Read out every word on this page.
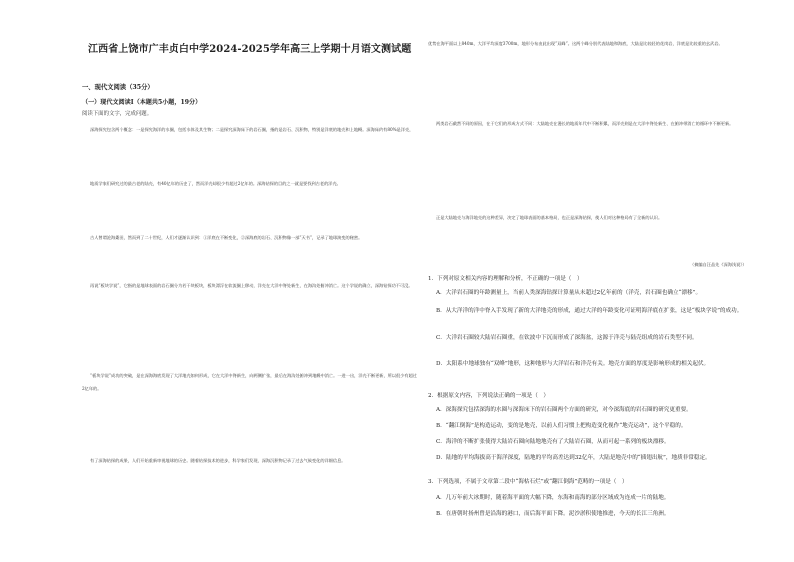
江西省上饶市广丰贞白中学2024-2025学年高三上学期十月语文测试题
一、现代文阅读（35分）
（一）现代文阅读Ⅰ（本题共5小题，19分）
阅读下面的文字，完成问题。
深海探究包含两个概念：一是探究海洋的水圈，包括水体及其生物；二是探究深海床下的岩石圈，指的是岩石、沉积物，特别是洋底的地壳和上地幔。深海床约有80%是洋壳，
地质学家们研究过的最古老的陆壳，有40亿年的历史了，然而洋壳却很少有超过2亿年的。深海钻探的目的之一就是要找到古老的洋壳。
古人曾谓沧海桑田，然而到了二十世纪，人们才逐渐认识到：①洋底在不断变化，②深海底的岩石、沉积物像一部“天书”，记录了地球演变的秘密。
再说“板块学说”，它指的是地球表面的岩石圈分为若干块板块，板块漂浮在软流圈上移动，洋壳在大洋中脊处新生，在海沟处俯冲消亡。这个学说的确立，深海钻探功不可没。
“板块学说”成功的突破，是在深海海底发现了大洋地壳如何形成，它在大洋中脊新生，向两侧扩张，最后在海沟处俯冲到地幔中消亡。一进一出，洋壳不断更新，所以很少有超过2亿年的。
有了深海钻探的成果，人们开始重新审视地球的历史。随着钻探技术的进步，科学家们发现，深海沉积物记录了过去气候变化的详细信息。
优势在海平面以上840m，大洋平均深度3700m，地形分布由此出现“双峰”。这两个峰分别代表陆地和海底，大陆是比较轻的花岗岩，洋底是比较重的玄武岩。
两类岩石截然不同的原因，在于它们的形成方式不同：大陆地壳在漫长的地质年代中不断积累，而洋壳则是在大洋中脊处新生、在俯冲带消亡的循环中不断更新。
正是大陆地壳与海洋地壳的这种差异，决定了地球表面的基本格局，也正是深海钻探，使人们对这种格局有了全新的认识。
（摘编自汪品先《深海浅说》）
1．下列对原文相关内容的理解和分析，不正确的一项是（　）
A．大洋岩石圈的年龄测量上，当前人类深海钻探计算量从未超过2亿年前的（洋壳，岩石圈也确立“漂移”。
B．从大洋洋的洋中脊入手发现了新的大洋地壳的形成，通过大洋的年龄变化可证明海洋底在扩张，这是“板块学说”的成功。
C．大洋岩石圈较大陆岩石圈重，在钦波中下沉而形成了深海盆，这源于洋壳与陆壳组成的岩石类型不同。
D．太阳系中地球独有“双峰”地形，这种地形与大洋岩石和洋壳有关。地壳方面的厚度是影响形成的相关起伏。
2．根据原文内容，下列说法正确的一项是（　）
A．深海探究包括深海的水圈与深海床下的岩石圈两个方面的研究，对今深海底的岩石圈的研究更重要。
B．“翻江倒海”是构造运动，变的是地壳，以前人们习惯上把构造变化视作“地壳运动”，这个平稳的。
C．海洋的不断扩张使得大陆岩石圈向陆地地壳有了大陆岩石圈，从而可起一系列的板块漂移。
D．陆地的平均海拔高于海洋深度，陆地的平均高差达到32亿年，大陆是地壳中的“插翅出航”，地质非常稳定。
3．下列选项，不属于文章第二段中“海枯石烂”或“翻江倒海”范畴的一项是（　）
A．几万年前大冰期时，随着海平面的大幅下降，东海和南海的部分区域成为连成一片的陆地。
B．在唐朝时扬州曾是沿海的港口，而后海平面下降。泥沙淤积使地推进，今天的长江三角洲。
